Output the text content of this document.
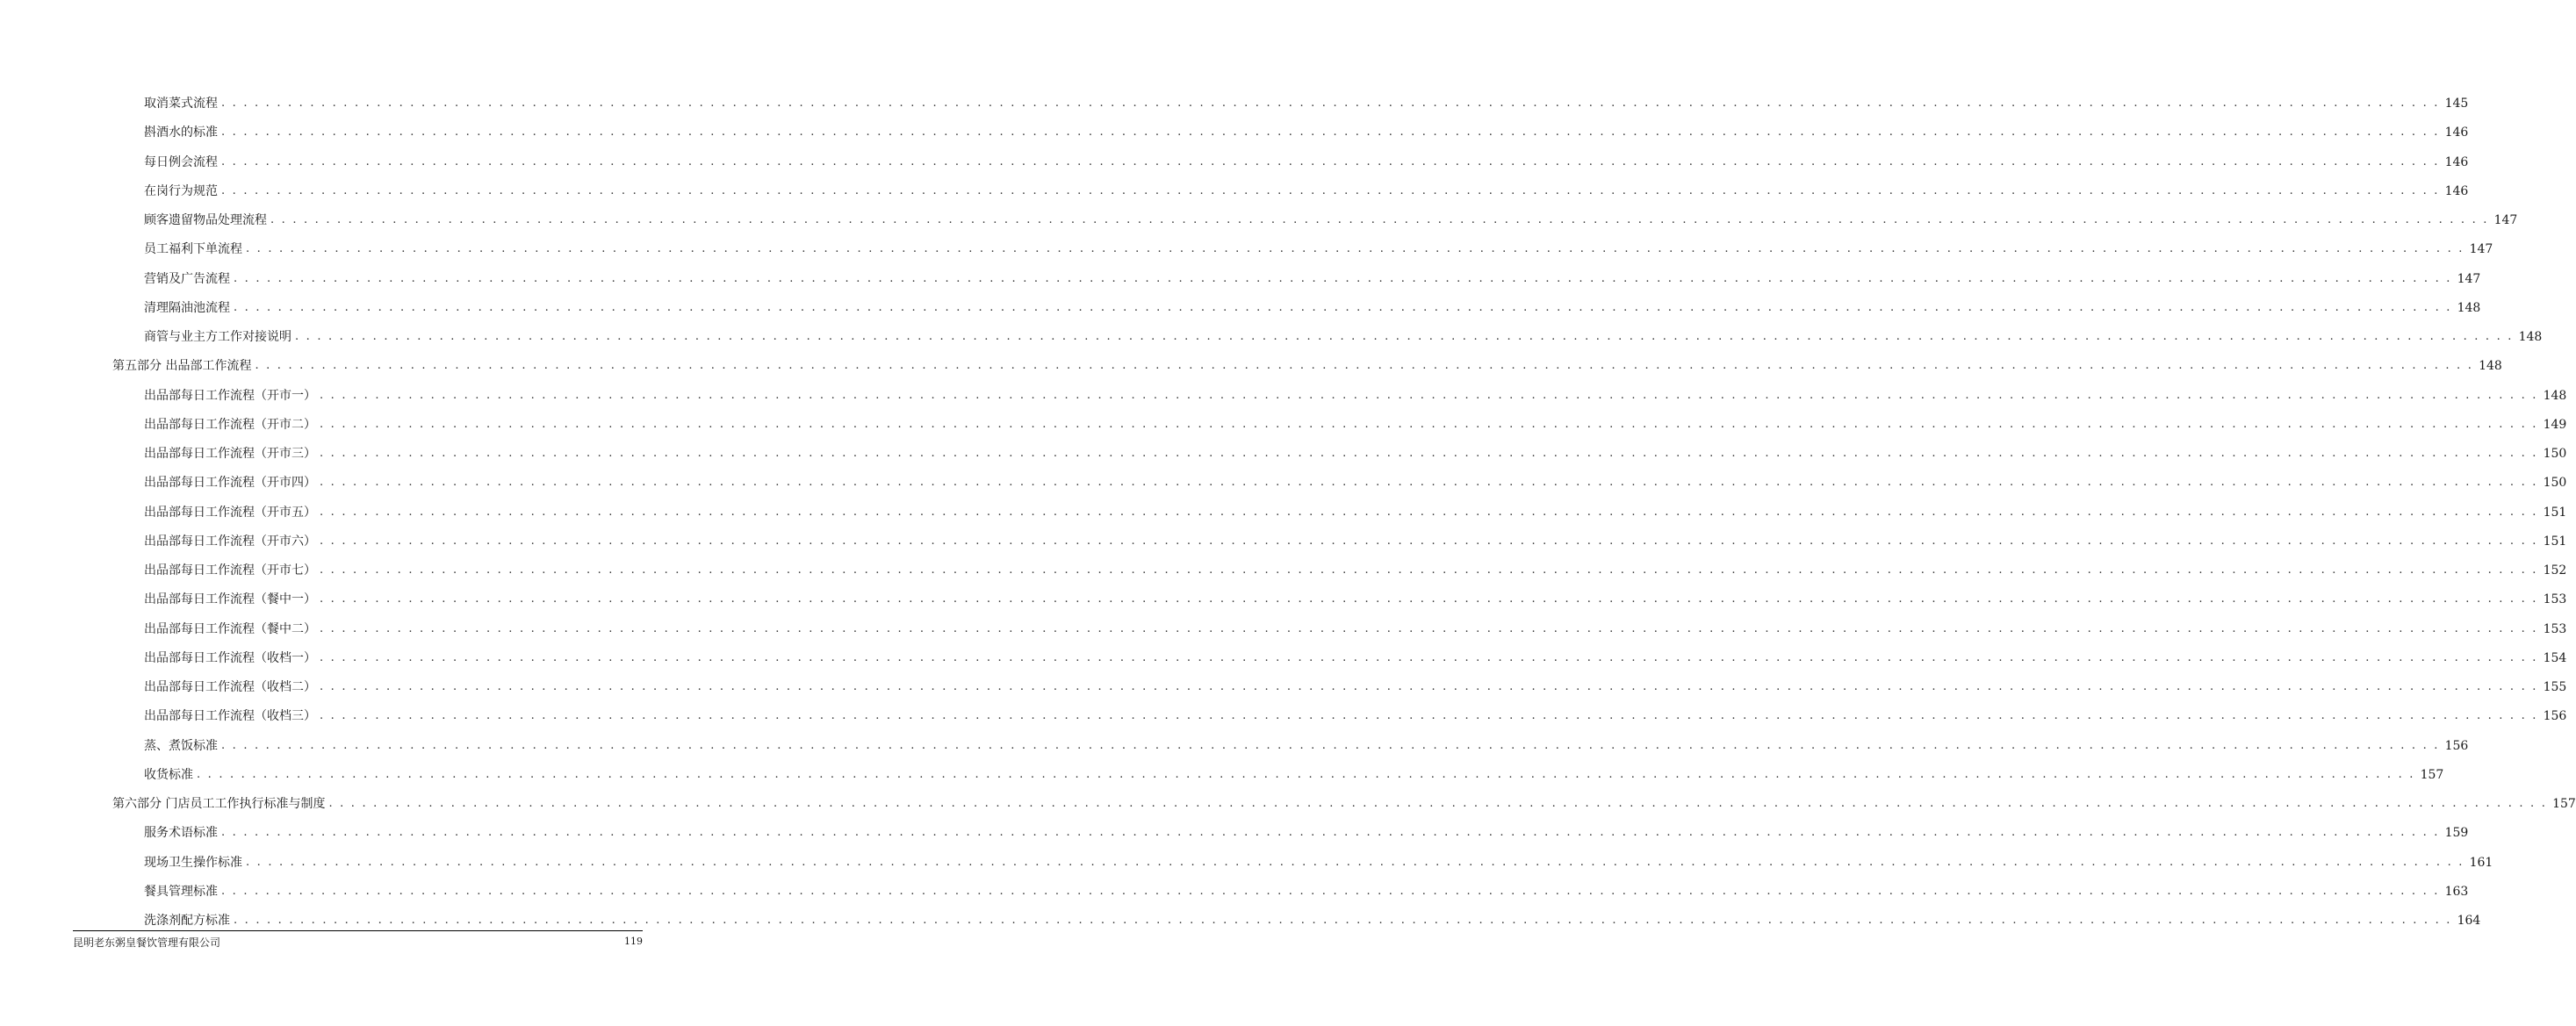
取消菜式流程 . . . . . . . . . . . . . . . . . . . . . . . . . . . . . . . . . . . . . . . . . . . . . . . . . . . . . . . . . . . . . . . . . . . . . . . . . . . . . . . . . . . . . . . . . . . . . . . . . . . . . . . . . . . . . . . . . . . . . . . . . . . . . . . . . . . . . . . . . . . . . . . . . . . . . . . . . . . . . . . . . . . . . . . . . . . . . . . . . . . . . . . . . . . . . . . . . . . . . . . . 145
斟酒水的标准 . . . . . . . . . . . . . . . . . . . . . . . . . . . . . . . . . . . . . . . . . . . . . . . . . . . . . . . . . . . . . . . . . . . . . . . . . . . . . . . . . . . . . . . . . . . . . . . . . . . . . . . . . . . . . . . . . . . . . . . . . . . . . . . . . . . . . . . . . . . . . . . . . . . . . . . . . . . . . . . . . . . . . . . . . . . . . . . . . . . . . . . . . . . . . . . . . . . . . . . . 146
每日例会流程 . . . . . . . . . . . . . . . . . . . . . . . . . . . . . . . . . . . . . . . . . . . . . . . . . . . . . . . . . . . . . . . . . . . . . . . . . . . . . . . . . . . . . . . . . . . . . . . . . . . . . . . . . . . . . . . . . . . . . . . . . . . . . . . . . . . . . . . . . . . . . . . . . . . . . . . . . . . . . . . . . . . . . . . . . . . . . . . . . . . . . . . . . . . . . . . . . . . . . . . . 146
在岗行为规范 . . . . . . . . . . . . . . . . . . . . . . . . . . . . . . . . . . . . . . . . . . . . . . . . . . . . . . . . . . . . . . . . . . . . . . . . . . . . . . . . . . . . . . . . . . . . . . . . . . . . . . . . . . . . . . . . . . . . . . . . . . . . . . . . . . . . . . . . . . . . . . . . . . . . . . . . . . . . . . . . . . . . . . . . . . . . . . . . . . . . . . . . . . . . . . . . . . . . . . . . 146
顾客遗留物品处理流程 . . . . . . . . . . . . . . . . . . . . . . . . . . . . . . . . . . . . . . . . . . . . . . . . . . . . . . . . . . . . . . . . . . . . . . . . . . . . . . . . . . . . . . . . . . . . . . . . . . . . . . . . . . . . . . . . . . . . . . . . . . . . . . . . . . . . . . . . . . . . . . . . . . . . . . . . . . . . . . . . . . . . . . . . . . . . . . . . . . . . . . . . . . . . . . . . . . . . . . . . 147
员工福利下单流程 . . . . . . . . . . . . . . . . . . . . . . . . . . . . . . . . . . . . . . . . . . . . . . . . . . . . . . . . . . . . . . . . . . . . . . . . . . . . . . . . . . . . . . . . . . . . . . . . . . . . . . . . . . . . . . . . . . . . . . . . . . . . . . . . . . . . . . . . . . . . . . . . . . . . . . . . . . . . . . . . . . . . . . . . . . . . . . . . . . . . . . . . . . . . . . . . . . . . . . . . 147
营销及广告流程 . . . . . . . . . . . . . . . . . . . . . . . . . . . . . . . . . . . . . . . . . . . . . . . . . . . . . . . . . . . . . . . . . . . . . . . . . . . . . . . . . . . . . . . . . . . . . . . . . . . . . . . . . . . . . . . . . . . . . . . . . . . . . . . . . . . . . . . . . . . . . . . . . . . . . . . . . . . . . . . . . . . . . . . . . . . . . . . . . . . . . . . . . . . . . . . . . . . . . . . . 147
清理隔油池流程 . . . . . . . . . . . . . . . . . . . . . . . . . . . . . . . . . . . . . . . . . . . . . . . . . . . . . . . . . . . . . . . . . . . . . . . . . . . . . . . . . . . . . . . . . . . . . . . . . . . . . . . . . . . . . . . . . . . . . . . . . . . . . . . . . . . . . . . . . . . . . . . . . . . . . . . . . . . . . . . . . . . . . . . . . . . . . . . . . . . . . . . . . . . . . . . . . . . . . . . . 148
商管与业主方工作对接说明 . . . . . . . . . . . . . . . . . . . . . . . . . . . . . . . . . . . . . . . . . . . . . . . . . . . . . . . . . . . . . . . . . . . . . . . . . . . . . . . . . . . . . . . . . . . . . . . . . . . . . . . . . . . . . . . . . . . . . . . . . . . . . . . . . . . . . . . . . . . . . . . . . . . . . . . . . . . . . . . . . . . . . . . . . . . . . . . . . . . . . . . . . . . . . . . . . . . . . . . . 148
第五部分 出品部工作流程 . . . . . . . . . . . . . . . . . . . . . . . . . . . . . . . . . . . . . . . . . . . . . . . . . . . . . . . . . . . . . . . . . . . . . . . . . . . . . . . . . . . . . . . . . . . . . . . . . . . . . . . . . . . . . . . . . . . . . . . . . . . . . . . . . . . . . . . . . . . . . . . . . . . . . . . . . . . . . . . . . . . . . . . . . . . . . . . . . . . . . . . . . . . . . . . . . . . . . . . . 148
出品部每日工作流程（开市一） . . . . . . . . . . . . . . . . . . . . . . . . . . . . . . . . . . . . . . . . . . . . . . . . . . . . . . . . . . . . . . . . . . . . . . . . . . . . . . . . . . . . . . . . . . . . . . . . . . . . . . . . . . . . . . . . . . . . . . . . . . . . . . . . . . . . . . . . . . . . . . . . . . . . . . . . . . . . . . . . . . . . . . . . . . . . . . . . . . . . . . . . . . . . . . . . . . . . . . . . 148
出品部每日工作流程（开市二） . . . . . . . . . . . . . . . . . . . . . . . . . . . . . . . . . . . . . . . . . . . . . . . . . . . . . . . . . . . . . . . . . . . . . . . . . . . . . . . . . . . . . . . . . . . . . . . . . . . . . . . . . . . . . . . . . . . . . . . . . . . . . . . . . . . . . . . . . . . . . . . . . . . . . . . . . . . . . . . . . . . . . . . . . . . . . . . . . . . . . . . . . . . . . . . . . . . . . . . . 149
出品部每日工作流程（开市三） . . . . . . . . . . . . . . . . . . . . . . . . . . . . . . . . . . . . . . . . . . . . . . . . . . . . . . . . . . . . . . . . . . . . . . . . . . . . . . . . . . . . . . . . . . . . . . . . . . . . . . . . . . . . . . . . . . . . . . . . . . . . . . . . . . . . . . . . . . . . . . . . . . . . . . . . . . . . . . . . . . . . . . . . . . . . . . . . . . . . . . . . . . . . . . . . . . . . . . . . 150
出品部每日工作流程（开市四） . . . . . . . . . . . . . . . . . . . . . . . . . . . . . . . . . . . . . . . . . . . . . . . . . . . . . . . . . . . . . . . . . . . . . . . . . . . . . . . . . . . . . . . . . . . . . . . . . . . . . . . . . . . . . . . . . . . . . . . . . . . . . . . . . . . . . . . . . . . . . . . . . . . . . . . . . . . . . . . . . . . . . . . . . . . . . . . . . . . . . . . . . . . . . . . . . . . . . . . . 150
出品部每日工作流程（开市五） . . . . . . . . . . . . . . . . . . . . . . . . . . . . . . . . . . . . . . . . . . . . . . . . . . . . . . . . . . . . . . . . . . . . . . . . . . . . . . . . . . . . . . . . . . . . . . . . . . . . . . . . . . . . . . . . . . . . . . . . . . . . . . . . . . . . . . . . . . . . . . . . . . . . . . . . . . . . . . . . . . . . . . . . . . . . . . . . . . . . . . . . . . . . . . . . . . . . . . . . 151
出品部每日工作流程（开市六） . . . . . . . . . . . . . . . . . . . . . . . . . . . . . . . . . . . . . . . . . . . . . . . . . . . . . . . . . . . . . . . . . . . . . . . . . . . . . . . . . . . . . . . . . . . . . . . . . . . . . . . . . . . . . . . . . . . . . . . . . . . . . . . . . . . . . . . . . . . . . . . . . . . . . . . . . . . . . . . . . . . . . . . . . . . . . . . . . . . . . . . . . . . . . . . . . . . . . . . . 151
出品部每日工作流程（开市七） . . . . . . . . . . . . . . . . . . . . . . . . . . . . . . . . . . . . . . . . . . . . . . . . . . . . . . . . . . . . . . . . . . . . . . . . . . . . . . . . . . . . . . . . . . . . . . . . . . . . . . . . . . . . . . . . . . . . . . . . . . . . . . . . . . . . . . . . . . . . . . . . . . . . . . . . . . . . . . . . . . . . . . . . . . . . . . . . . . . . . . . . . . . . . . . . . . . . . . . . 152
出品部每日工作流程（餐中一） . . . . . . . . . . . . . . . . . . . . . . . . . . . . . . . . . . . . . . . . . . . . . . . . . . . . . . . . . . . . . . . . . . . . . . . . . . . . . . . . . . . . . . . . . . . . . . . . . . . . . . . . . . . . . . . . . . . . . . . . . . . . . . . . . . . . . . . . . . . . . . . . . . . . . . . . . . . . . . . . . . . . . . . . . . . . . . . . . . . . . . . . . . . . . . . . . . . . . . . . 153
出品部每日工作流程（餐中二） . . . . . . . . . . . . . . . . . . . . . . . . . . . . . . . . . . . . . . . . . . . . . . . . . . . . . . . . . . . . . . . . . . . . . . . . . . . . . . . . . . . . . . . . . . . . . . . . . . . . . . . . . . . . . . . . . . . . . . . . . . . . . . . . . . . . . . . . . . . . . . . . . . . . . . . . . . . . . . . . . . . . . . . . . . . . . . . . . . . . . . . . . . . . . . . . . . . . . . . . 153
出品部每日工作流程（收档一） . . . . . . . . . . . . . . . . . . . . . . . . . . . . . . . . . . . . . . . . . . . . . . . . . . . . . . . . . . . . . . . . . . . . . . . . . . . . . . . . . . . . . . . . . . . . . . . . . . . . . . . . . . . . . . . . . . . . . . . . . . . . . . . . . . . . . . . . . . . . . . . . . . . . . . . . . . . . . . . . . . . . . . . . . . . . . . . . . . . . . . . . . . . . . . . . . . . . . . . . 154
出品部每日工作流程（收档二） . . . . . . . . . . . . . . . . . . . . . . . . . . . . . . . . . . . . . . . . . . . . . . . . . . . . . . . . . . . . . . . . . . . . . . . . . . . . . . . . . . . . . . . . . . . . . . . . . . . . . . . . . . . . . . . . . . . . . . . . . . . . . . . . . . . . . . . . . . . . . . . . . . . . . . . . . . . . . . . . . . . . . . . . . . . . . . . . . . . . . . . . . . . . . . . . . . . . . . . . 155
出品部每日工作流程（收档三） . . . . . . . . . . . . . . . . . . . . . . . . . . . . . . . . . . . . . . . . . . . . . . . . . . . . . . . . . . . . . . . . . . . . . . . . . . . . . . . . . . . . . . . . . . . . . . . . . . . . . . . . . . . . . . . . . . . . . . . . . . . . . . . . . . . . . . . . . . . . . . . . . . . . . . . . . . . . . . . . . . . . . . . . . . . . . . . . . . . . . . . . . . . . . . . . . . . . . . . . 156
蒸、煮饭标准 . . . . . . . . . . . . . . . . . . . . . . . . . . . . . . . . . . . . . . . . . . . . . . . . . . . . . . . . . . . . . . . . . . . . . . . . . . . . . . . . . . . . . . . . . . . . . . . . . . . . . . . . . . . . . . . . . . . . . . . . . . . . . . . . . . . . . . . . . . . . . . . . . . . . . . . . . . . . . . . . . . . . . . . . . . . . . . . . . . . . . . . . . . . . . . . . . . . . . . . . 156
收货标准 . . . . . . . . . . . . . . . . . . . . . . . . . . . . . . . . . . . . . . . . . . . . . . . . . . . . . . . . . . . . . . . . . . . . . . . . . . . . . . . . . . . . . . . . . . . . . . . . . . . . . . . . . . . . . . . . . . . . . . . . . . . . . . . . . . . . . . . . . . . . . . . . . . . . . . . . . . . . . . . . . . . . . . . . . . . . . . . . . . . . . . . . . . . . . . . . . . . . . . . . 157
第六部分 门店员工工作执行标准与制度 . . . . . . . . . . . . . . . . . . . . . . . . . . . . . . . . . . . . . . . . . . . . . . . . . . . . . . . . . . . . . . . . . . . . . . . . . . . . . . . . . . . . . . . . . . . . . . . . . . . . . . . . . . . . . . . . . . . . . . . . . . . . . . . . . . . . . . . . . . . . . . . . . . . . . . . . . . . . . . . . . . . . . . . . . . . . . . . . . . . . . . . . . . . . . . . . . . . . . . . . 157
服务术语标准 . . . . . . . . . . . . . . . . . . . . . . . . . . . . . . . . . . . . . . . . . . . . . . . . . . . . . . . . . . . . . . . . . . . . . . . . . . . . . . . . . . . . . . . . . . . . . . . . . . . . . . . . . . . . . . . . . . . . . . . . . . . . . . . . . . . . . . . . . . . . . . . . . . . . . . . . . . . . . . . . . . . . . . . . . . . . . . . . . . . . . . . . . . . . . . . . . . . . . . . . 159
现场卫生操作标准 . . . . . . . . . . . . . . . . . . . . . . . . . . . . . . . . . . . . . . . . . . . . . . . . . . . . . . . . . . . . . . . . . . . . . . . . . . . . . . . . . . . . . . . . . . . . . . . . . . . . . . . . . . . . . . . . . . . . . . . . . . . . . . . . . . . . . . . . . . . . . . . . . . . . . . . . . . . . . . . . . . . . . . . . . . . . . . . . . . . . . . . . . . . . . . . . . . . . . . . . 161
餐具管理标准 . . . . . . . . . . . . . . . . . . . . . . . . . . . . . . . . . . . . . . . . . . . . . . . . . . . . . . . . . . . . . . . . . . . . . . . . . . . . . . . . . . . . . . . . . . . . . . . . . . . . . . . . . . . . . . . . . . . . . . . . . . . . . . . . . . . . . . . . . . . . . . . . . . . . . . . . . . . . . . . . . . . . . . . . . . . . . . . . . . . . . . . . . . . . . . . . . . . . . . . . 163
洗涤剂配方标准 . . . . . . . . . . . . . . . . . . . . . . . . . . . . . . . . . . . . . . . . . . . . . . . . . . . . . . . . . . . . . . . . . . . . . . . . . . . . . . . . . . . . . . . . . . . . . . . . . . . . . . . . . . . . . . . . . . . . . . . . . . . . . . . . . . . . . . . . . . . . . . . . . . . . . . . . . . . . . . . . . . . . . . . . . . . . . . . . . . . . . . . . . . . . . . . . . . . . . . . . 164
昆明老东粥皇餐饮管理有限公司	119
